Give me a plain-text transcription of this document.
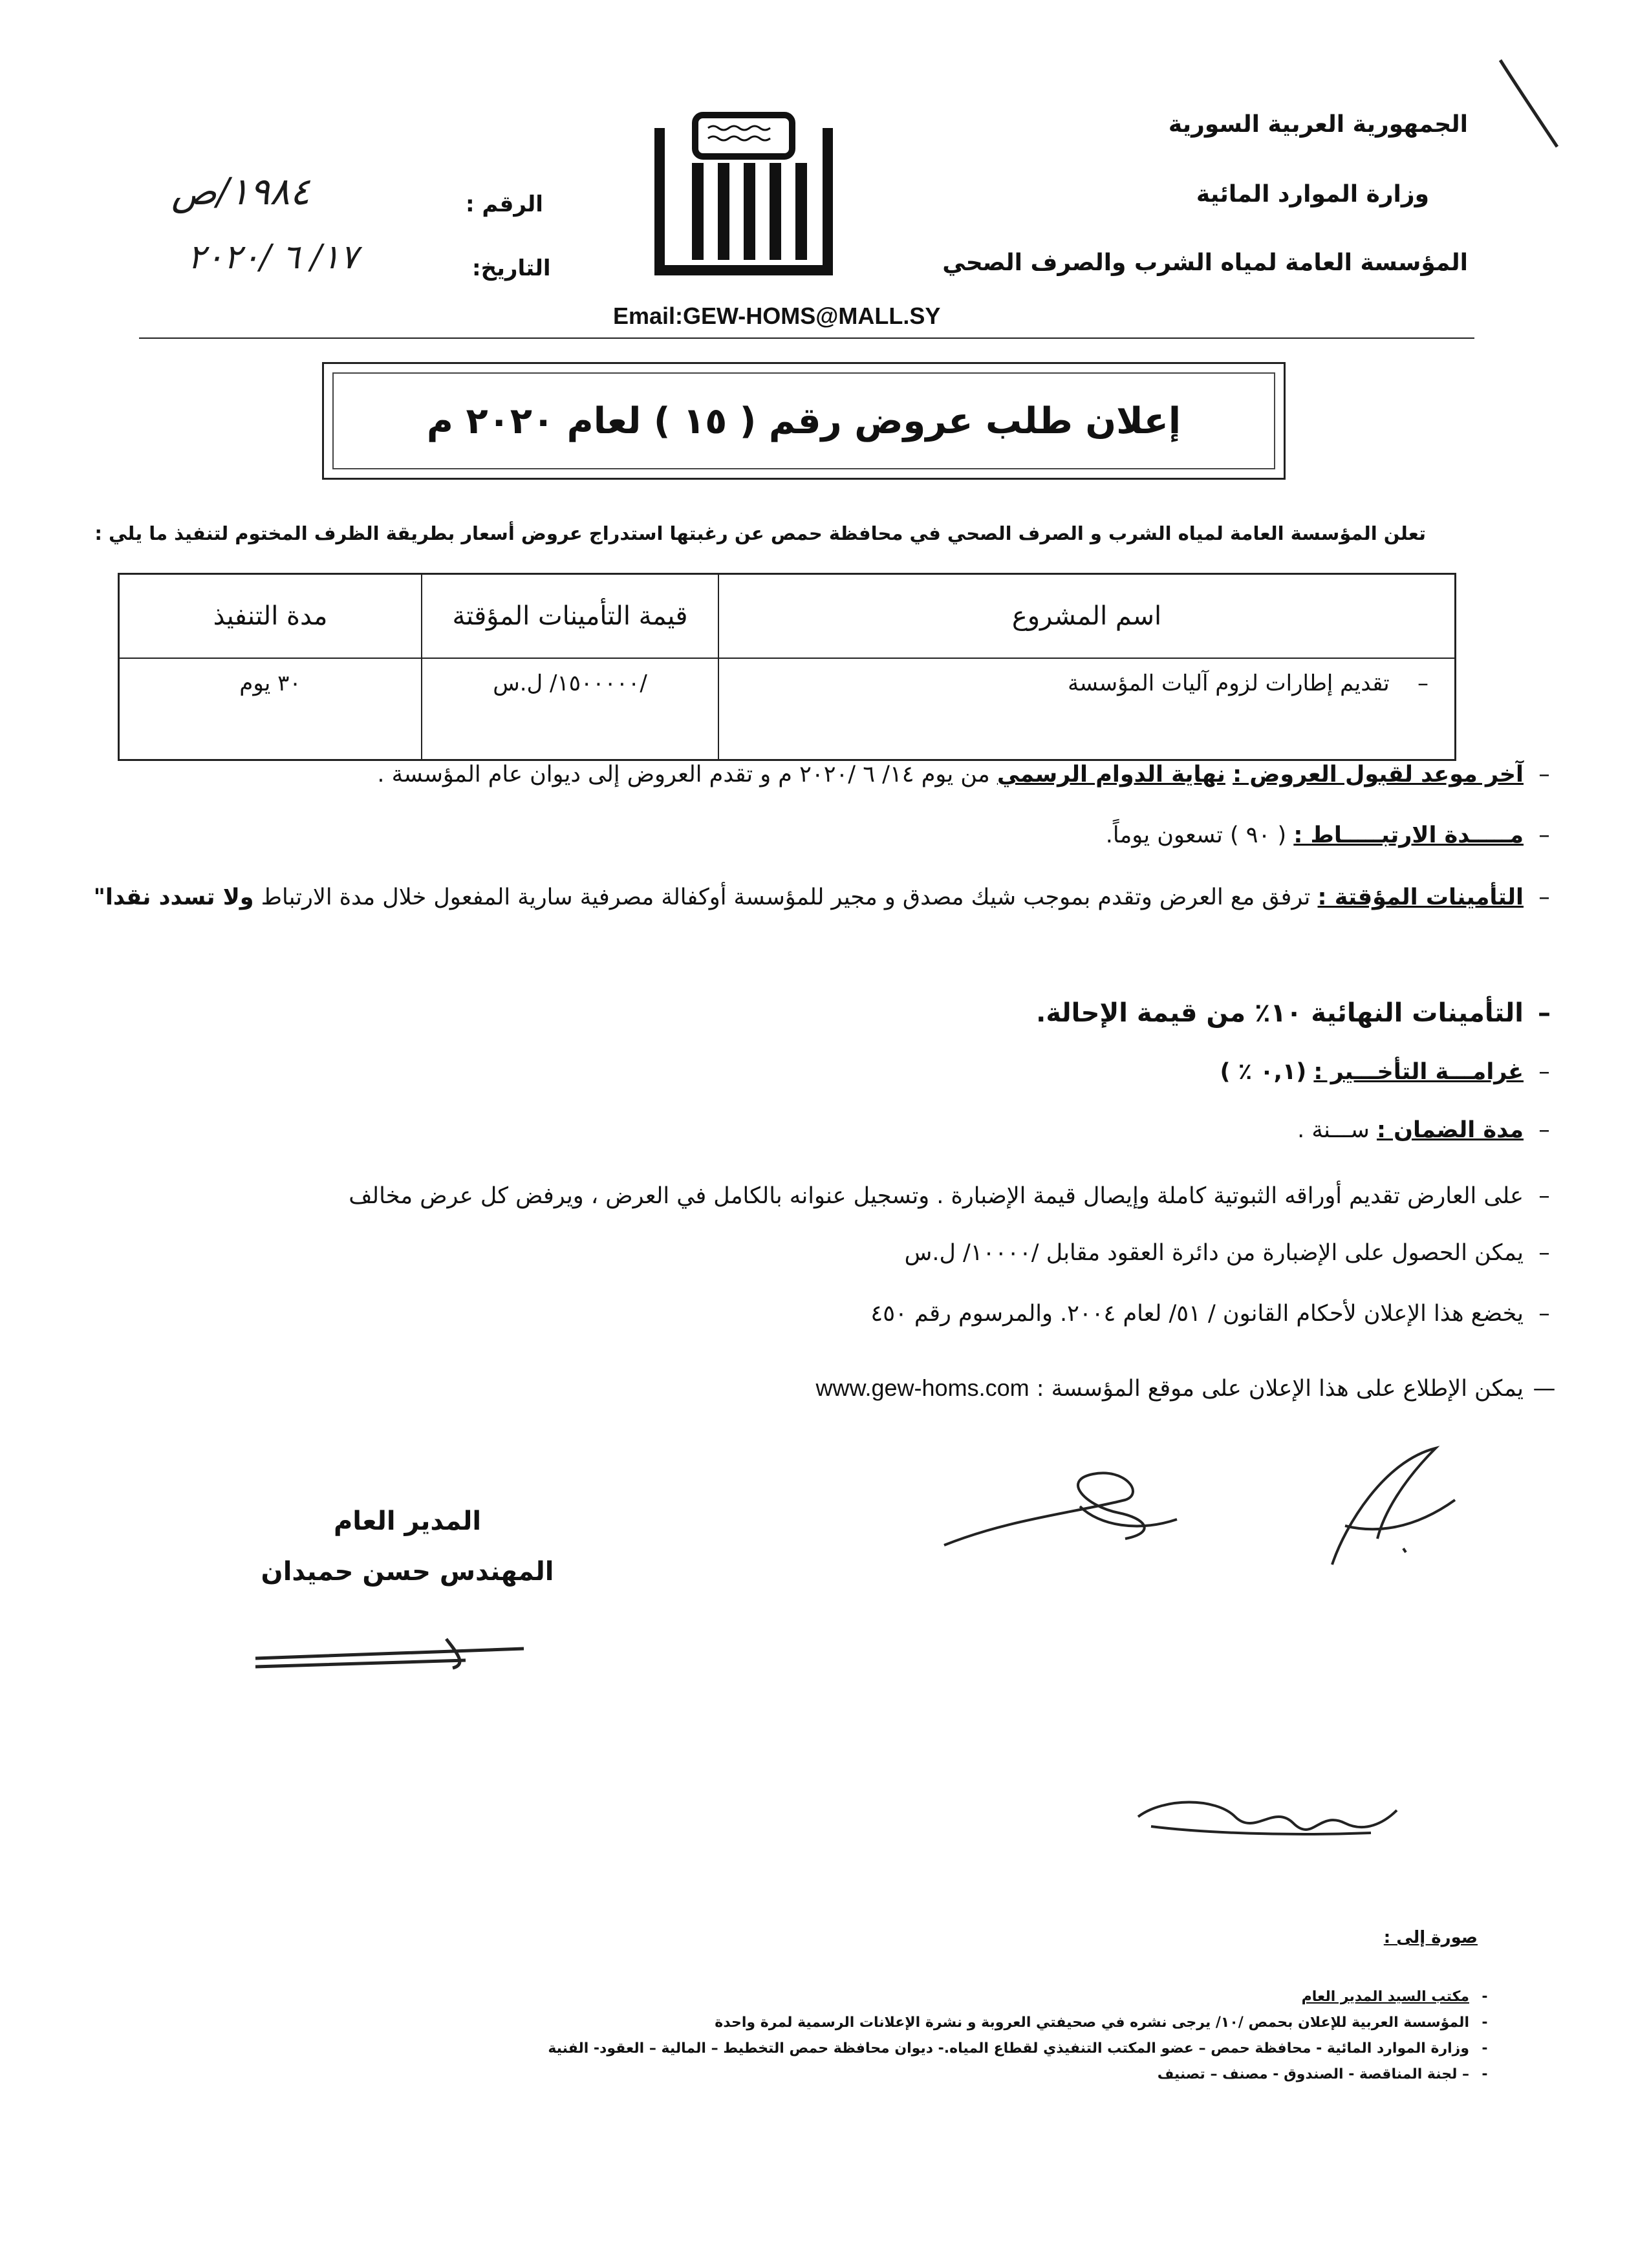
الجمهورية العربية السورية
وزارة الموارد المائية
المؤسسة العامة لمياه الشرب والصرف الصحي
الرقم :
١٩٨٤/ص
التاريخ:
١٧/ ٦ /٢٠٢٠
Email:GEW-HOMS@MALL.SY
إعلان طلب عروض رقم ( ١٥ ) لعام ٢٠٢٠ م
تعلن المؤسسة العامة لمياه الشرب و الصرف الصحي في محافظة حمص عن رغبتها استدراج عروض أسعار بطريقة الظرف المختوم لتنفيذ ما يلي :
اسم المشروع	قيمة التأمينات المؤقتة	مدة التنفيذ
–    تقديم إطارات لزوم آليات المؤسسة	/١٥٠٠٠٠٠/ ل.س	٣٠ يوم
–آخر موعد لقبول العروض : نهاية الدوام الرسمي من يوم ١٤/ ٦ /٢٠٢٠ م و تقدم العروض إلى ديوان عام المؤسسة .
–مـــــدة الارتبـــــاط : ( ٩٠ ) تسعون يوماً.
–التأمينات المؤقتة : ترفق مع العرض وتقدم بموجب شيك مصدق و مجير للمؤسسة أوكفالة مصرفية سارية المفعول خلال مدة الارتباط ولا تسدد نقدا"
–التأمينات النهائية ١٠٪ من قيمة الإحالة.
–غرامـــة التأخـــير : (٠,١ ٪ )
–مدة الضمان : ســـنة .
–على العارض تقديم أوراقه الثبوتية كاملة وإيصال قيمة الإضبارة . وتسجيل عنوانه بالكامل في العرض ، ويرفض كل عرض مخالف
–يمكن الحصول على الإضبارة من دائرة العقود مقابل /١٠٠٠٠/ ل.س
–يخضع هذا الإعلان لأحكام القانون / ٥١/ لعام ٢٠٠٤. والمرسوم رقم ٤٥٠
—يمكن الإطلاع على هذا الإعلان على موقع المؤسسة : www.gew-homs.com
المدير العام
المهندس حسن حميدان
صورة إلى :
-مكتب السيد المدير العام
-المؤسسة العربية للإعلان بحمص /١٠/ يرجى نشره في صحيفتي العروبة و نشرة الإعلانات الرسمية لمرة واحدة
-وزارة الموارد المائية - محافظة حمص – عضو المكتب التنفيذي لقطاع المياه.- ديوان محافظة حمص التخطيط – المالية – العقود- الفنية
-– لجنة المناقصة - الصندوق - مصنف – تصنيف
